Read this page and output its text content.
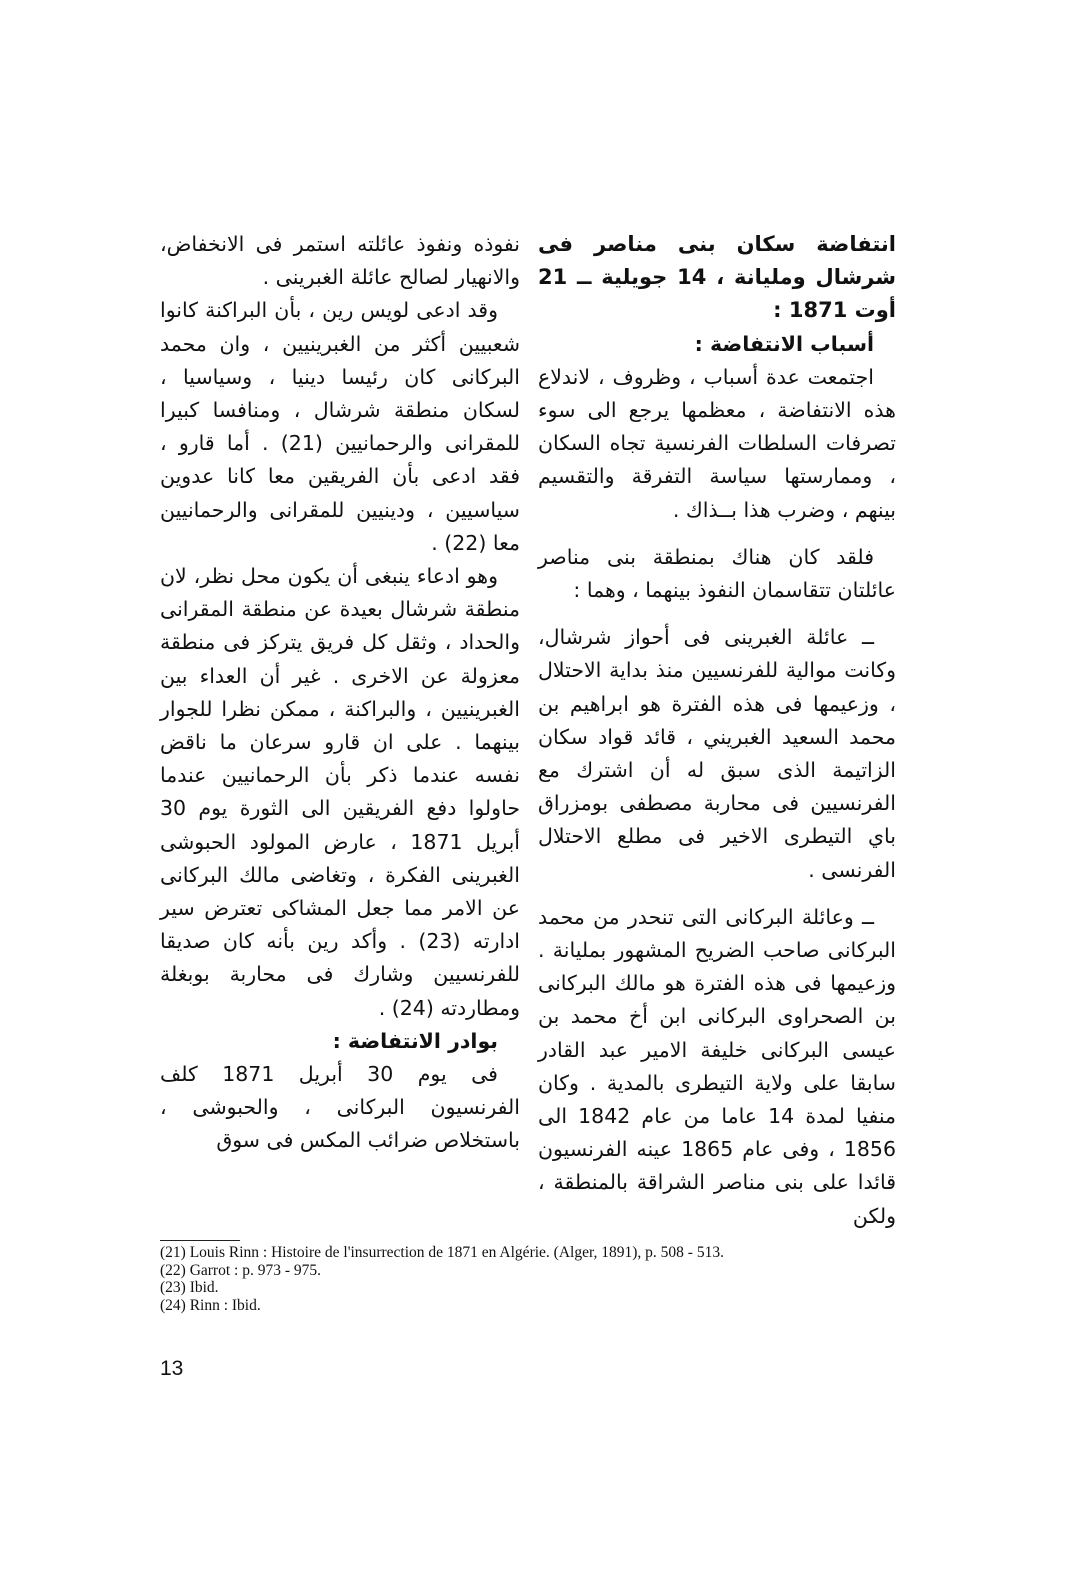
انتفاضة سكان بنى مناصر فى شرشال ومليانة ، 14 جويلية ــ 21 أوت 1871 :

أسباب الانتفاضة :

اجتمعت عدة أسباب ، وظروف ، لاندلاع هذه الانتفاضة ، معظمها يرجع الى سوء تصرفات السلطات الفرنسية تجاه السكان ، وممارستها سياسة التفرقة والتقسيم بينهم ، وضرب هذا بــذاك .

فلقد كان هناك بمنطقة بنى مناصر عائلتان تتقاسمان النفوذ بينهما ، وهما :

ــ عائلة الغبرينى فى أحواز شرشال، وكانت موالية للفرنسيين منذ بداية الاحتلال ، وزعيمها فى هذه الفترة هو ابراهيم بن محمد السعيد الغبريني ، قائد قواد سكان الزاتيمة الذى سبق له أن اشترك مع الفرنسيين فى محاربة مصطفى بومزراق باي التيطرى الاخير فى مطلع الاحتلال الفرنسى .

ــ وعائلة البركانى التى تنحدر من محمد البركانى صاحب الضريح المشهور بمليانة . وزعيمها فى هذه الفترة هو مالك البركانى بن الصحراوى البركانى ابن أخ محمد بن عيسى البركانى خليفة الامير عبد القادر سابقا على ولاية التيطرى بالمدية . وكان منفيا لمدة 14 عاما من عام 1842 الى 1856 ، وفى عام 1865 عينه الفرنسيون قائدا على بنى مناصر الشراقة بالمنطقة ، ولكن

نفوذه ونفوذ عائلته استمر فى الانخفاض، والانهيار لصالح عائلة الغبرينى .

وقد ادعى لويس رين ، بأن البراكنة كانوا شعبيين أكثر من الغبرينيين ، وان محمد البركانى كان رئيسا دينيا ، وسياسيا ، لسكان منطقة شرشال ، ومنافسا كبيرا للمقرانى والرحمانيين (21) . أما قارو ، فقد ادعى بأن الفريقين معا كانا عدوين سياسيين ، ودينيين للمقرانى والرحمانيين معا (22) .

وهو ادعاء ينبغى أن يكون محل نظر، لان منطقة شرشال بعيدة عن منطقة المقرانى والحداد ، وثقل كل فريق يتركز فى منطقة معزولة عن الاخرى . غير أن العداء بين الغبرينيين ، والبراكنة ، ممكن نظرا للجوار بينهما . على ان قارو سرعان ما ناقض نفسه عندما ذكر بأن الرحمانيين عندما حاولوا دفع الفريقين الى الثورة يوم 30 أبريل 1871 ، عارض المولود الحبوشى الغبرينى الفكرة ، وتغاضى مالك البركانى عن الامر مما جعل المشاكى تعترض سير ادارته (23) . وأكد رين بأنه كان صديقا للفرنسيين وشارك فى محاربة بوبغلة ومطاردته (24) .

بوادر الانتفاضة :

فى يوم 30 أبريل 1871 كلف الفرنسيون البركانى ، والحبوشى ، باستخلاص ضرائب المكس فى سوق

(21) Louis Rinn : Histoire de l'insurrection de 1871 en Algérie. (Alger, 1891), p. 508 - 513.

(22) Garrot : p. 973 - 975.

(23) Ibid.

(24) Rinn : Ibid.

13
